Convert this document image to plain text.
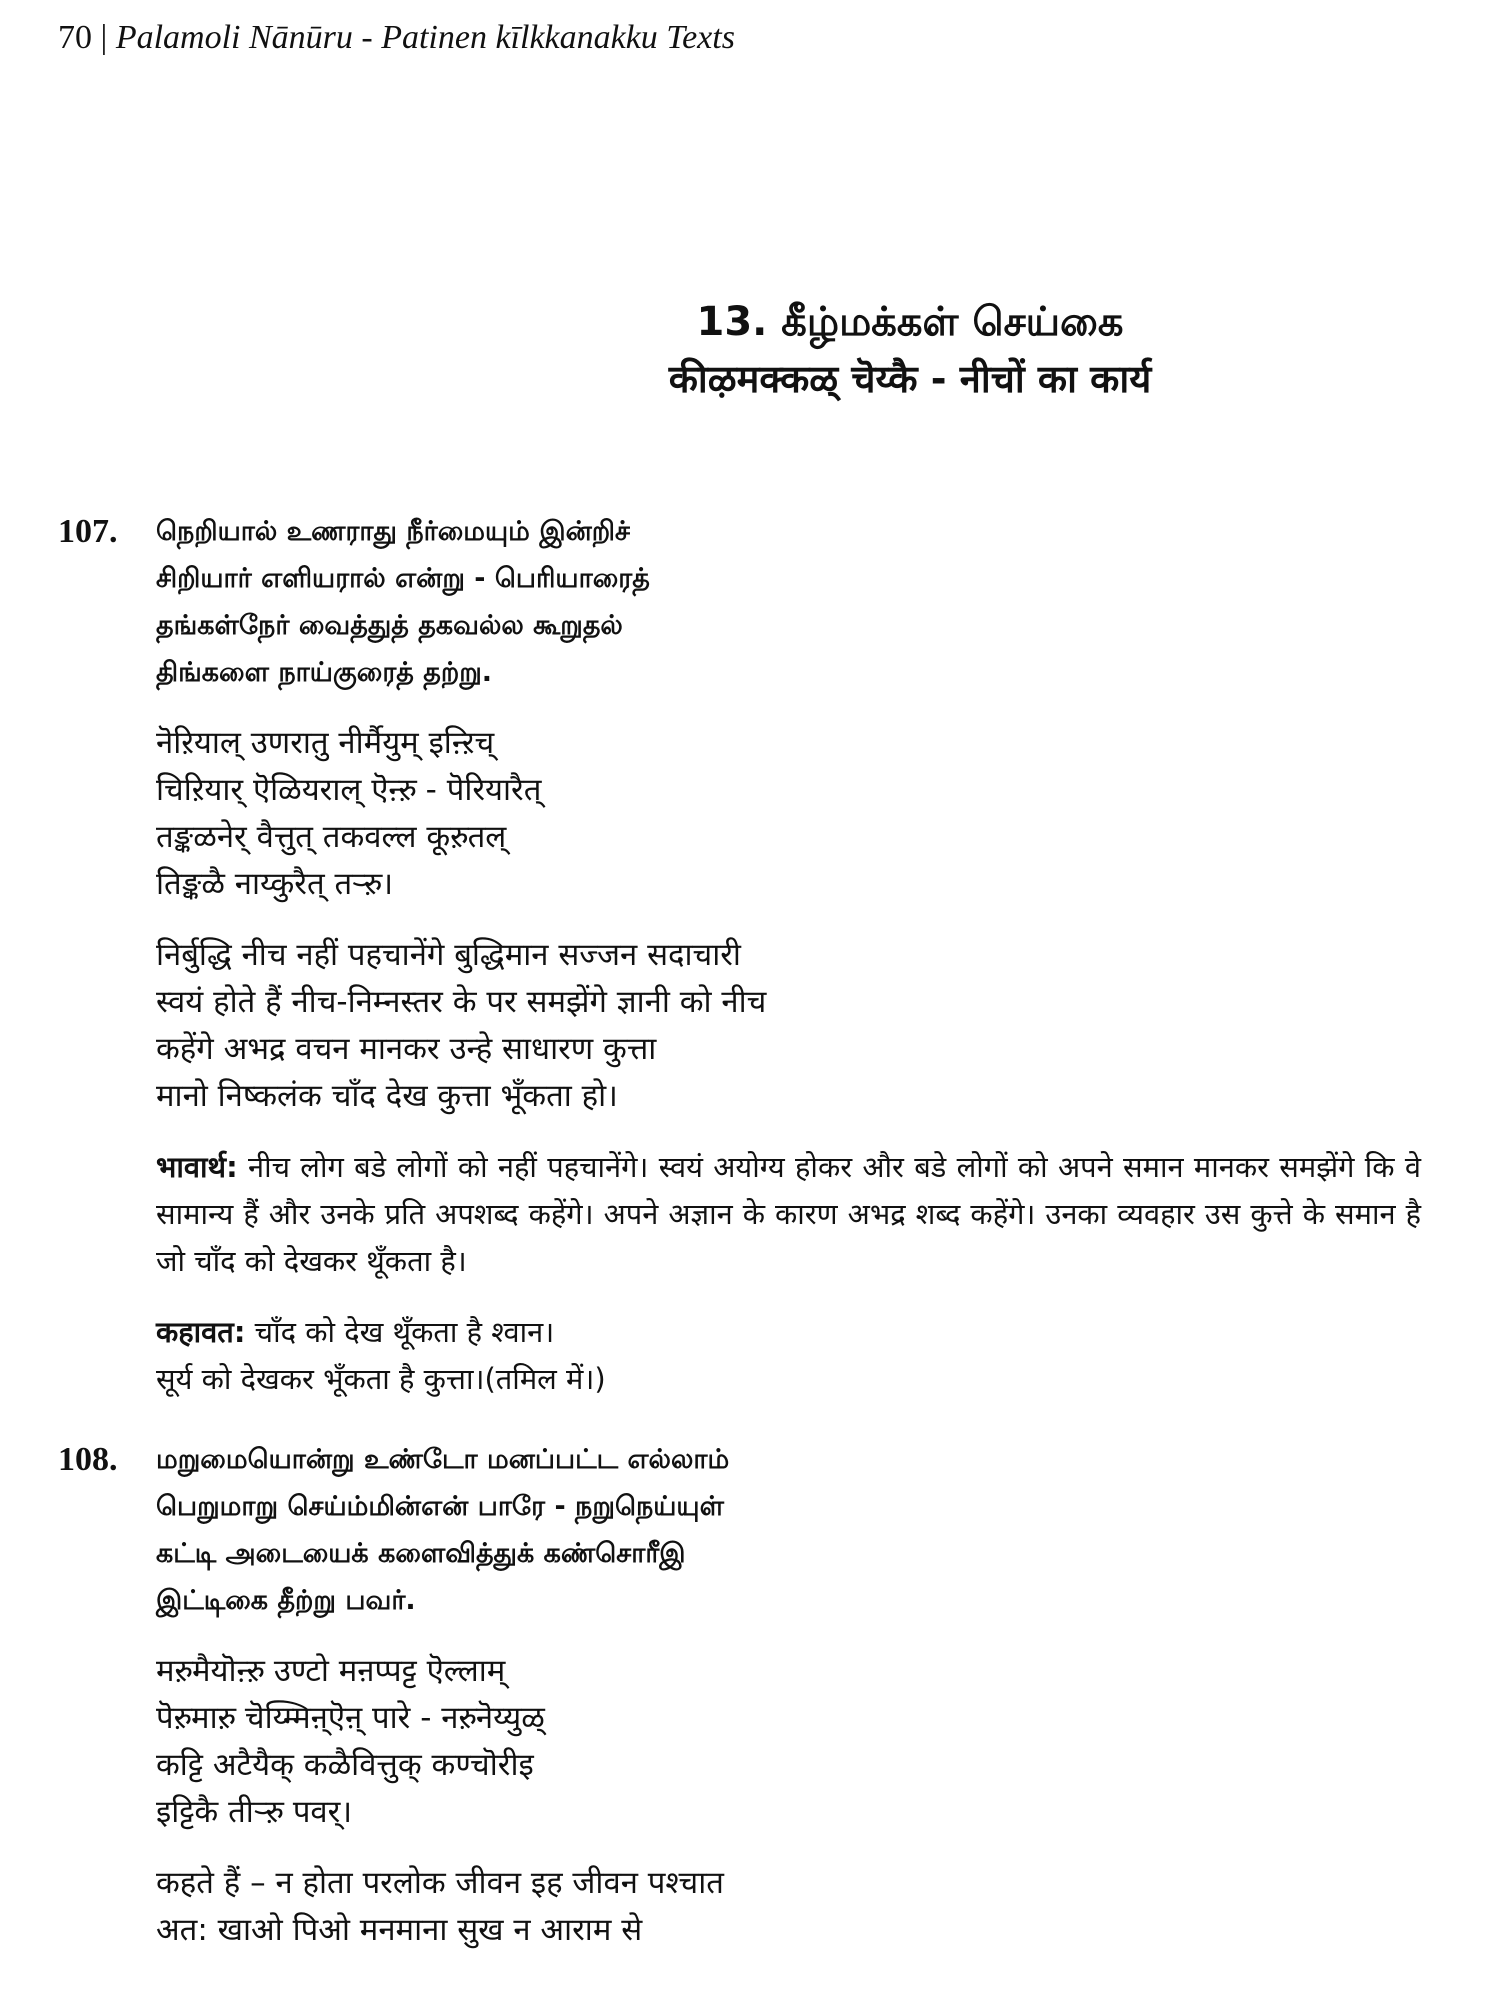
70 | Palamoli Nānūru - Patinen kīlkkanakku Texts
13. கீழ்மக்கள் செய்கை
कीऴमक्कळ् चॆय्कै - नीचों का कार्य
107. நெறியால் உணராது நீர்மையும் இன்றிச்
சிறியார் எளியரால் என்று - பெரியாரைத்
தங்கள்நேர் வைத்துத் தகவல்ல கூறுதல்
திங்களை நாய்குரைத் தற்று.
नॆऱियाल् उणरातु नीर्मैयुम् इऩ्ऱिच्
चिऱियार् ऎळियराल् ऎऩ्ऱु - पॆरियारैत्
तङ्कळनेर् वैत्तुत् तकवल्ल कूऱुतल्
तिङ्कळै नाय्कुरैत् तऱ्ऱु।
निर्बुद्धि नीच नहीं पहचानेंगे बुद्धिमान सज्जन सदाचारी
स्वयं होते हैं नीच-निम्नस्तर के पर समझेंगे ज्ञानी को नीच
कहेंगे अभद्र वचन मानकर उन्हे साधारण कुत्ता
मानो निष्कलंक चाँद देख कुत्ता भूँकता हो।
भावार्थ: नीच लोग बडे लोगों को नहीं पहचानेंगे। स्वयं अयोग्य होकर और बडे लोगों को अपने समान मानकर समझेंगे कि वे सामान्य हैं और उनके प्रति अपशब्द कहेंगे। अपने अज्ञान के कारण अभद्र शब्द कहेंगे। उनका व्यवहार उस कुत्ते के समान है जो चाँद को देखकर थूँकता है।
कहावत: चाँद को देख थूँकता है श्वान।
सूर्य को देखकर भूँकता है कुत्ता।(तमिल में।)
108. மறுமையொன்று உண்டோ மனப்பட்ட எல்லாம்
பெறுமாறு செய்ம்மின்என் பாரே - நறுநெய்யுள்
கட்டி அடையைக் களைவித்துக் கண்சொரீஇ
இட்டிகை தீற்று பவர்.
मऱुमैयॊऩ्ऱु उण्टो मऩप्पट्ट ऎल्लाम्
पॆऱुमाऱु चॆय्म्मिऩ्ऎऩ् पारे - नऱुनॆय्युळ्
कट्टि अटैयैक् कळैवित्तुक् कण्चॊरीइ
इट्टिकै तीऱ्ऱु पवर्।
कहते हैं – न होता परलोक जीवन इह जीवन पश्चात
अत: खाओ पिओ मनमाना सुख न आराम से
